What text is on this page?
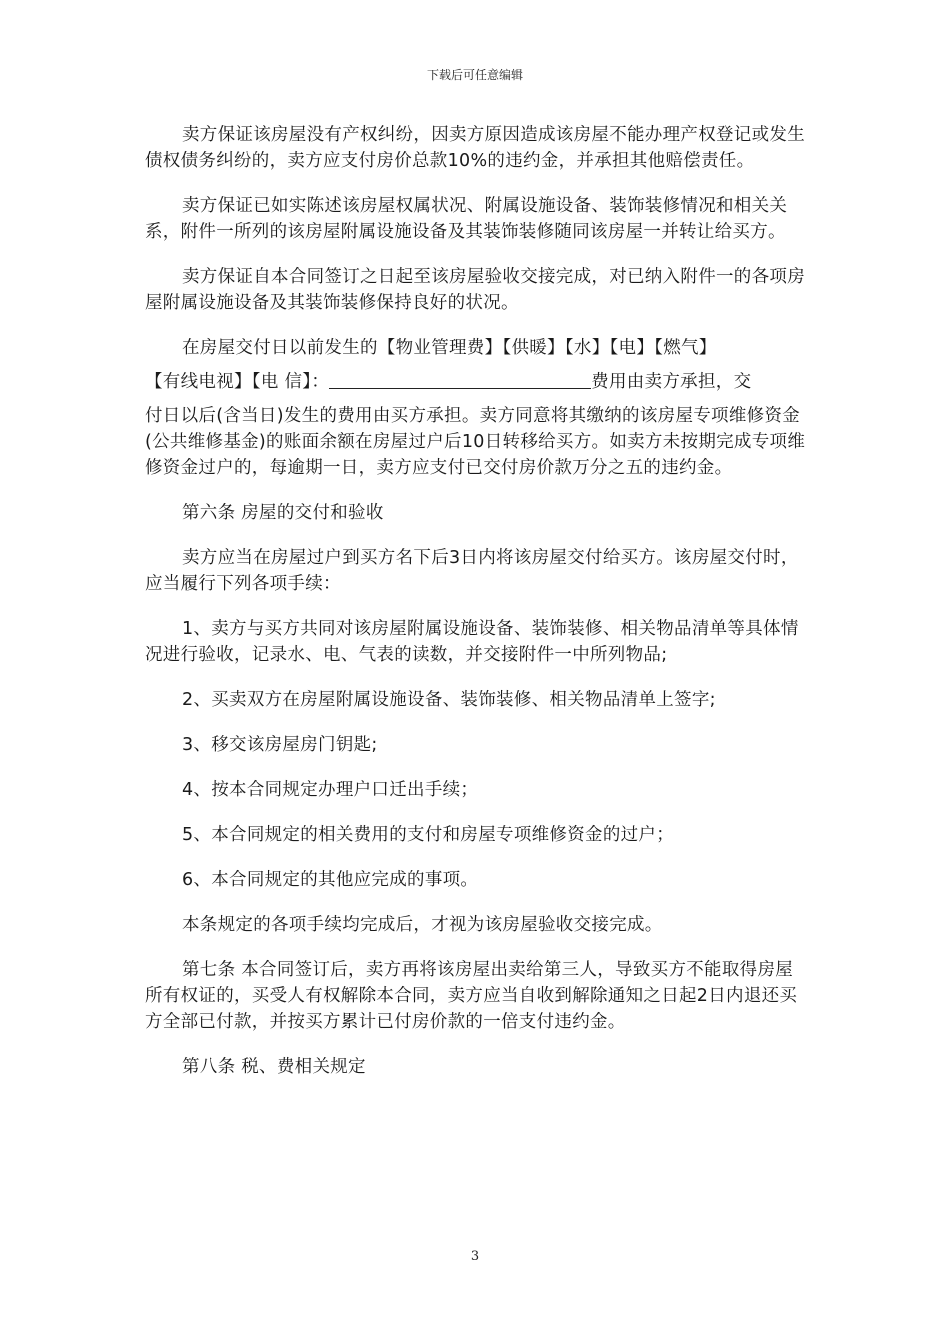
下载后可任意编辑

卖方保证该房屋没有产权纠纷，因卖方原因造成该房屋不能办理产权登记或发生债权债务纠纷的，卖方应支付房价总款10%的违约金，并承担其他赔偿责任。

卖方保证已如实陈述该房屋权属状况、附属设施设备、装饰装修情况和相关关系，附件一所列的该房屋附属设施设备及其装饰装修随同该房屋一并转让给买方。

卖方保证自本合同签订之日起至该房屋验收交接完成，对已纳入附件一的各项房屋附属设施设备及其装饰装修保持良好的状况。

在房屋交付日以前发生的【物业管理费】【供暖】【水】【电】【燃气】

【有线电视】【电 信】：	费用由卖方承担，交

付日以后(含当日)发生的费用由买方承担。卖方同意将其缴纳的该房屋专项维修资金(公共维修基金)的账面余额在房屋过户后10日转移给买方。如卖方未按期完成专项维修资金过户的，每逾期一日，卖方应支付已交付房价款万分之五的违约金。

第六条 房屋的交付和验收

卖方应当在房屋过户到买方名下后3日内将该房屋交付给买方。该房屋交付时，应当履行下列各项手续：

1、卖方与买方共同对该房屋附属设施设备、装饰装修、相关物品清单等具体情况进行验收，记录水、电、气表的读数，并交接附件一中所列物品;

2、买卖双方在房屋附属设施设备、装饰装修、相关物品清单上签字;

3、移交该房屋房门钥匙;

4、按本合同规定办理户口迁出手续；

5、本合同规定的相关费用的支付和房屋专项维修资金的过户；

6、本合同规定的其他应完成的事项。

本条规定的各项手续均完成后，才视为该房屋验收交接完成。

第七条 本合同签订后，卖方再将该房屋出卖给第三人，导致买方不能取得房屋所有权证的，买受人有权解除本合同，卖方应当自收到解除通知之日起2日内退还买方全部已付款，并按买方累计已付房价款的一倍支付违约金。

第八条 税、费相关规定

3
